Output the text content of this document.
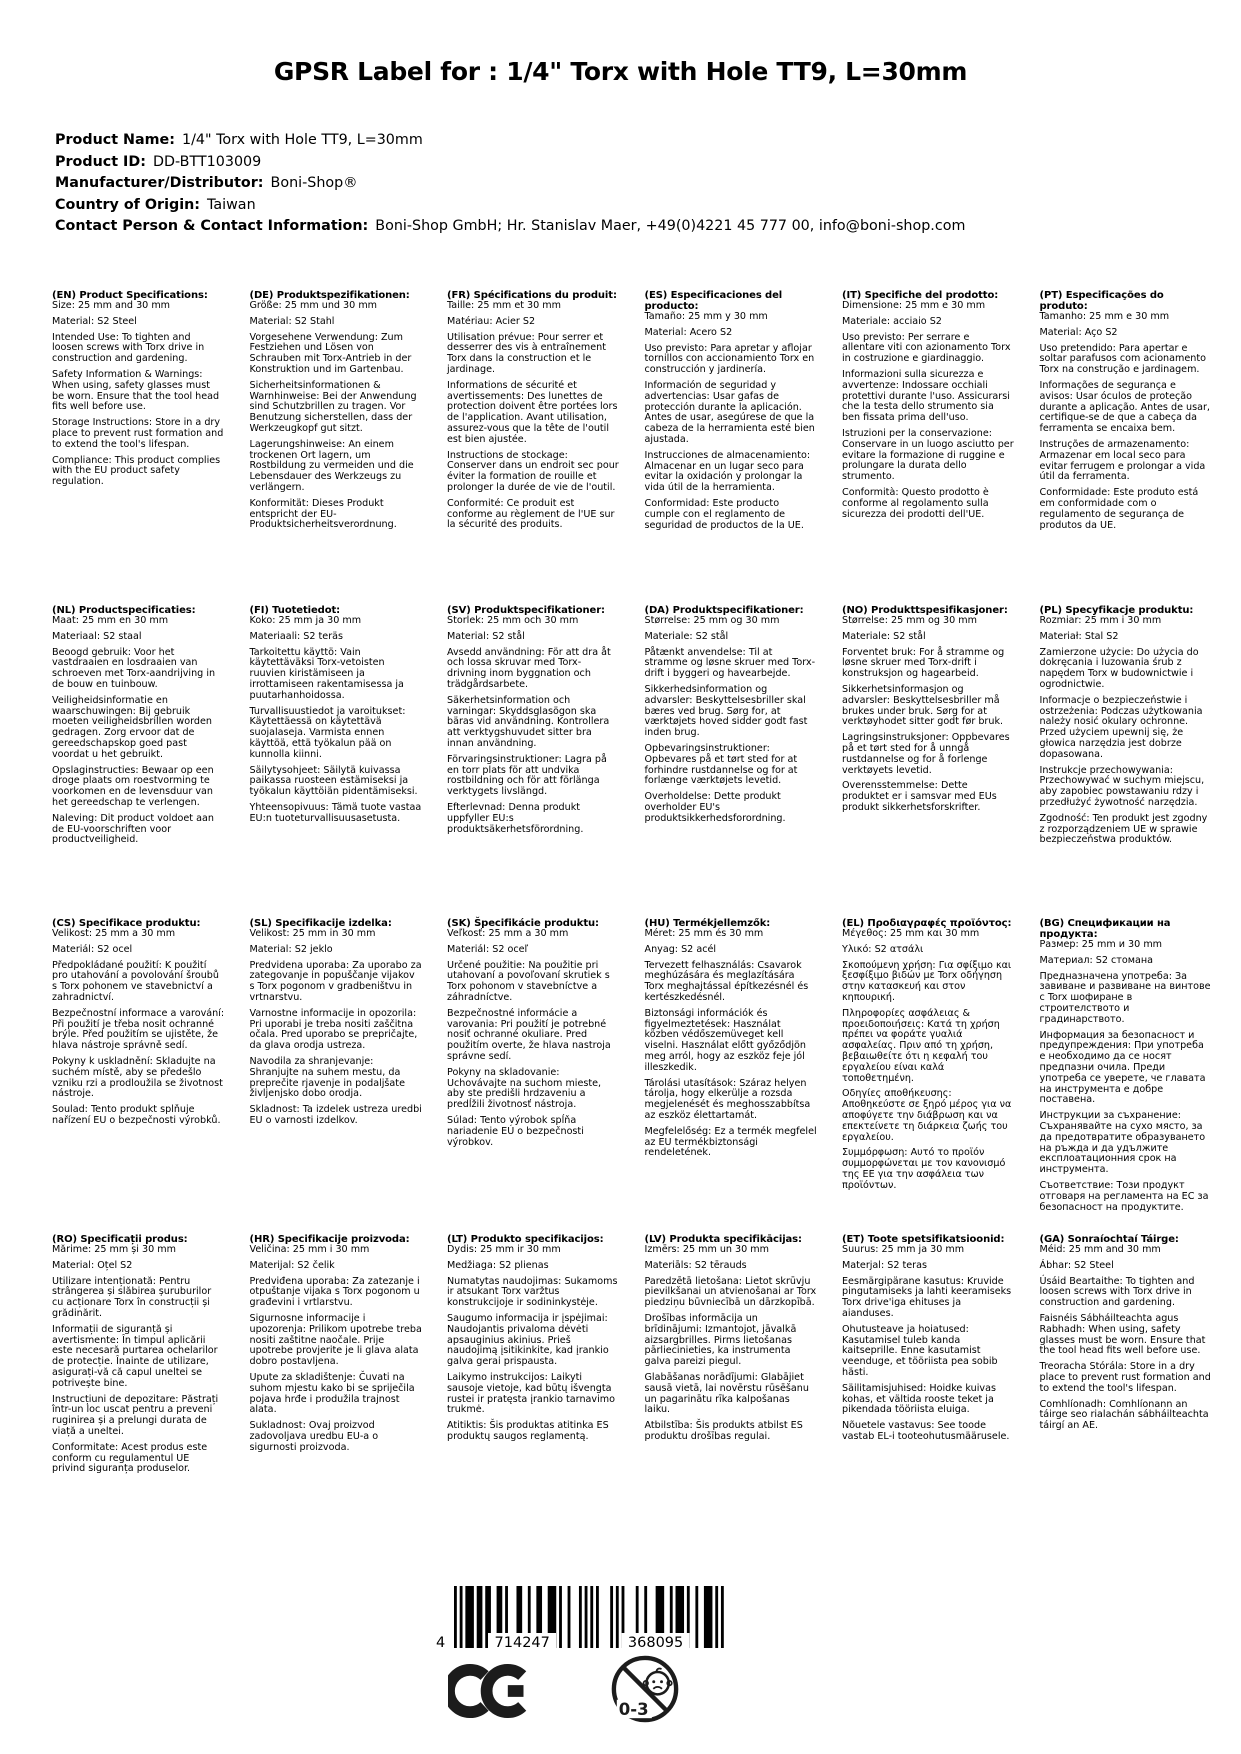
GPSR Label for : 1/4" Torx with Hole TT9, L=30mm
Product Name: 1/4" Torx with Hole TT9, L=30mm
Product ID: DD-BTT103009
Manufacturer/Distributor: Boni-Shop®
Country of Origin: Taiwan
Contact Person & Contact Information: Boni-Shop GmbH; Hr. Stanislav Maer, +49(0)4221 45 777 00, info@boni-shop.com
(EN) Product Specifications:

Size: 25 mm and 30 mm

Material: S2 Steel

Intended Use: To tighten and loosen screws with Torx drive in construction and gardening.

Safety Information & Warnings: When using, safety glasses must be worn. Ensure that the tool head fits well before use.

Storage Instructions: Store in a dry place to prevent rust formation and to extend the tool's lifespan.

Compliance: This product complies with the EU product safety regulation.

(DE) Produktspezifikationen:

Größe: 25 mm und 30 mm

Material: S2 Stahl

Vorgesehene Verwendung: Zum Festziehen und Lösen von Schrauben mit Torx-Antrieb in der Konstruktion und im Gartenbau.

Sicherheitsinformationen & Warnhinweise: Bei der Anwendung sind Schutzbrillen zu tragen. Vor Benutzung sicherstellen, dass der Werkzeugkopf gut sitzt.

Lagerungshinweise: An einem trockenen Ort lagern, um Rostbildung zu vermeiden und die Lebensdauer des Werkzeugs zu verlängern.

Konformität: Dieses Produkt entspricht der EU-Produktsicherheitsverordnung.

(FR) Spécifications du produit:

Taille: 25 mm et 30 mm

Matériau: Acier S2

Utilisation prévue: Pour serrer et desserrer des vis à entraînement Torx dans la construction et le jardinage.

Informations de sécurité et avertissements: Des lunettes de protection doivent être portées lors de l'application. Avant utilisation, assurez-vous que la tête de l'outil est bien ajustée.

Instructions de stockage: Conserver dans un endroit sec pour éviter la formation de rouille et prolonger la durée de vie de l'outil.

Conformité: Ce produit est conforme au règlement de l'UE sur la sécurité des produits.

(ES) Especificaciones del producto:

Tamaño: 25 mm y 30 mm

Material: Acero S2

Uso previsto: Para apretar y aflojar tornillos con accionamiento Torx en construcción y jardinería.

Información de seguridad y advertencias: Usar gafas de protección durante la aplicación. Antes de usar, asegúrese de que la cabeza de la herramienta esté bien ajustada.

Instrucciones de almacenamiento: Almacenar en un lugar seco para evitar la oxidación y prolongar la vida útil de la herramienta.

Conformidad: Este producto cumple con el reglamento de seguridad de productos de la UE.

(IT) Specifiche del prodotto:

Dimensione: 25 mm e 30 mm

Materiale: acciaio S2

Uso previsto: Per serrare e allentare viti con azionamento Torx in costruzione e giardinaggio.

Informazioni sulla sicurezza e avvertenze: Indossare occhiali protettivi durante l'uso. Assicurarsi che la testa dello strumento sia ben fissata prima dell'uso.

Istruzioni per la conservazione: Conservare in un luogo asciutto per evitare la formazione di ruggine e prolungare la durata dello strumento.

Conformità: Questo prodotto è conforme al regolamento sulla sicurezza dei prodotti dell'UE.

(PT) Especificações do produto:

Tamanho: 25 mm e 30 mm

Material: Aço S2

Uso pretendido: Para apertar e soltar parafusos com acionamento Torx na construção e jardinagem.

Informações de segurança e avisos: Usar óculos de proteção durante a aplicação. Antes de usar, certifique-se de que a cabeça da ferramenta se encaixa bem.

Instruções de armazenamento: Armazenar em local seco para evitar ferrugem e prolongar a vida útil da ferramenta.

Conformidade: Este produto está em conformidade com o regulamento de segurança de produtos da UE.

(NL) Productspecificaties:

Maat: 25 mm en 30 mm

Materiaal: S2 staal

Beoogd gebruik: Voor het vastdraaien en losdraaien van schroeven met Torx-aandrijving in de bouw en tuinbouw.

Veiligheidsinformatie en waarschuwingen: Bij gebruik moeten veiligheidsbrillen worden gedragen. Zorg ervoor dat de gereedschapskop goed past voordat u het gebruikt.

Opslaginstructies: Bewaar op een droge plaats om roestvorming te voorkomen en de levensduur van het gereedschap te verlengen.

Naleving: Dit product voldoet aan de EU-voorschriften voor productveiligheid.

(FI) Tuotetiedot:

Koko: 25 mm ja 30 mm

Materiaali: S2 teräs

Tarkoitettu käyttö: Vain käytettäväksi Torx-vetoisten ruuvien kiristämiseen ja irrottamiseen rakentamisessa ja puutarhanhoidossa.

Turvallisuustiedot ja varoitukset: Käytettäessä on käytettävä suojalaseja. Varmista ennen käyttöä, että työkalun pää on kunnolla kiinni.

Säilytysohjeet: Säilytä kuivassa paikassa ruosteen estämiseksi ja työkalun käyttöiän pidentämiseksi.

Yhteensopivuus: Tämä tuote vastaa EU:n tuoteturvallisuusasetusta.

(SV) Produktspecifikationer:

Storlek: 25 mm och 30 mm

Material: S2 stål

Avsedd användning: För att dra åt och lossa skruvar med Torx-drivning inom byggnation och trädgårdsarbete.

Säkerhetsinformation och varningar: Skyddsglasögon ska bäras vid användning. Kontrollera att verktygshuvudet sitter bra innan användning.

Förvaringsinstruktioner: Lagra på en torr plats för att undvika rostbildning och för att förlänga verktygets livslängd.

Efterlevnad: Denna produkt uppfyller EU:s produktsäkerhetsförordning.

(DA) Produktspecifikationer:

Størrelse: 25 mm og 30 mm

Materiale: S2 stål

Påtænkt anvendelse: Til at stramme og løsne skruer med Torx-drift i byggeri og havearbejde.

Sikkerhedsinformation og advarsler: Beskyttelsesbriller skal bæres ved brug. Sørg for, at værktøjets hoved sidder godt fast inden brug.

Opbevaringsinstruktioner: Opbevares på et tørt sted for at forhindre rustdannelse og for at forlænge værktøjets levetid.

Overholdelse: Dette produkt overholder EU's produktsikkerhedsforordning.

(NO) Produkttspesifikasjoner:

Størrelse: 25 mm og 30 mm

Materiale: S2 stål

Forventet bruk: For å stramme og løsne skruer med Torx-drift i konstruksjon og hagearbeid.

Sikkerhetsinformasjon og advarsler: Beskyttelsesbriller må brukes under bruk. Sørg for at verktøyhodet sitter godt før bruk.

Lagringsinstruksjoner: Oppbevares på et tørt sted for å unngå rustdannelse og for å forlenge verktøyets levetid.

Overensstemmelse: Dette produktet er i samsvar med EUs produkt sikkerhetsforskrifter.

(PL) Specyfikacje produktu:

Rozmiar: 25 mm i 30 mm

Materiał: Stal S2

Zamierzone użycie: Do użycia do dokręcania i luzowania śrub z napędem Torx w budownictwie i ogrodnictwie.

Informacje o bezpieczeństwie i ostrzeżenia: Podczas użytkowania należy nosić okulary ochronne. Przed użyciem upewnij się, że głowica narzędzia jest dobrze dopasowana.

Instrukcje przechowywania: Przechowywać w suchym miejscu, aby zapobiec powstawaniu rdzy i przedłużyć żywotność narzędzia.

Zgodność: Ten produkt jest zgodny z rozporządzeniem UE w sprawie bezpieczeństwa produktów.

(CS) Specifikace produktu:

Velikost: 25 mm a 30 mm

Materiál: S2 ocel

Předpokládané použití: K použití pro utahování a povolování šroubů s Torx pohonem ve stavebnictví a zahradnictví.

Bezpečnostní informace a varování: Při použití je třeba nosit ochranné brýle. Před použitím se ujistěte, že hlava nástroje správně sedí.

Pokyny k uskladnění: Skladujte na suchém místě, aby se předešlo vzniku rzi a prodloužila se životnost nástroje.

Soulad: Tento produkt splňuje nařízení EU o bezpečnosti výrobků.

(SL) Specifikacije izdelka:

Velikost: 25 mm in 30 mm

Material: S2 jeklo

Predvidena uporaba: Za uporabo za zategovanje in popuščanje vijakov s Torx pogonom v gradbeništvu in vrtnarstvu.

Varnostne informacije in opozorila: Pri uporabi je treba nositi zaščitna očala. Pred uporabo se prepričajte, da glava orodja ustreza.

Navodila za shranjevanje: Shranjujte na suhem mestu, da preprečite rjavenje in podaljšate življenjsko dobo orodja.

Skladnost: Ta izdelek ustreza uredbi EU o varnosti izdelkov.

(SK) Špecifikácie produktu:

Veľkosť: 25 mm a 30 mm

Materiál: S2 oceľ

Určené použitie: Na použitie pri utahovaní a povoľovaní skrutiek s Torx pohonom v stavebníctve a záhradníctve.

Bezpečnostné informácie a varovania: Pri použití je potrebné nosiť ochranné okuliare. Pred použitím overte, že hlava nastroja správne sedí.

Pokyny na skladovanie: Uchovávajte na suchom mieste, aby ste predišli hrdzaveniu a predĺžili životnosť nástroja.

Súlad: Tento výrobok spĺňa nariadenie EÚ o bezpečnosti výrobkov.

(HU) Termékjellemzők:

Méret: 25 mm és 30 mm

Anyag: S2 acél

Tervezett felhasználás: Csavarok meghúzására és meglazítására Torx meghajtással építkezésnél és kertészkedésnél.

Biztonsági információk és figyelmeztetések: Használat közben védőszemüveget kell viselni. Használat előtt győződjön meg arról, hogy az eszköz feje jól illeszkedik.

Tárolási utasítások: Száraz helyen tárolja, hogy elkerülje a rozsda megjelenését és meghosszabbítsa az eszköz élettartamát.

Megfelelőség: Ez a termék megfelel az EU termékbiztonsági rendeletének.

(EL) Προδιαγραφές προϊόντος:

Μέγεθος: 25 mm και 30 mm

Υλικό: S2 ατσάλι

Σκοπούμενη χρήση: Για σφίξιμο και ξεσφίξιμο βιδών με Torx οδήγηση στην κατασκευή και στον κηπουρική.

Πληροφορίες ασφάλειας & προειδοποιήσεις: Κατά τη χρήση πρέπει να φοράτε γυαλιά ασφαλείας. Πριν από τη χρήση, βεβαιωθείτε ότι η κεφαλή του εργαλείου είναι καλά τοποθετημένη.

Οδηγίες αποθήκευσης: Αποθηκεύστε σε ξηρό μέρος για να αποφύγετε την διάβρωση και να επεκτείνετε τη διάρκεια ζωής του εργαλείου.

Συμμόρφωση: Αυτό το προϊόν συμμορφώνεται με τον κανονισμό της ΕΕ για την ασφάλεια των προϊόντων.

(BG) Спецификации на продукта:

Размер: 25 mm и 30 mm

Материал: S2 стомана

Предназначена употреба: За завиване и развиване на винтове с Torx шофиране в строителството и градинарството.

Информация за безопасност и предупреждения: При употреба е необходимо да се носят предпазни очила. Преди употреба се уверете, че главата на инструмента е добре поставена.

Инструкции за съхранение: Съхранявайте на сухо място, за да предотвратите образуването на ръжда и да удължите експлоатационния срок на инструмента.

Съответствие: Този продукт отговаря на регламента на ЕС за безопасност на продуктите.

(RO) Specificații produs:

Mărime: 25 mm și 30 mm

Material: Oțel S2

Utilizare intenționată: Pentru strângerea și slăbirea șuruburilor cu acționare Torx în construcții și grădinărit.

Informații de siguranță și avertismente: În timpul aplicării este necesară purtarea ochelarilor de protecție. Înainte de utilizare, asigurați-vă că capul uneltei se potrivește bine.

Instrucțiuni de depozitare: Păstrați într-un loc uscat pentru a preveni ruginirea și a prelungi durata de viață a uneltei.

Conformitate: Acest produs este conform cu regulamentul UE privind siguranța produselor.

(HR) Specifikacije proizvoda:

Veličina: 25 mm i 30 mm

Materijal: S2 čelik

Predviđena uporaba: Za zatezanje i otpuštanje vijaka s Torx pogonom u građevini i vrtlarstvu.

Sigurnosne informacije i upozorenja: Prilikom upotrebe treba nositi zaštitne naočale. Prije upotrebe provjerite je li glava alata dobro postavljena.

Upute za skladištenje: Čuvati na suhom mjestu kako bi se spriječila pojava hrđe i produžila trajnost alata.

Sukladnost: Ovaj proizvod zadovoljava uredbu EU-a o sigurnosti proizvoda.

(LT) Produkto specifikacijos:

Dydis: 25 mm ir 30 mm

Medžiaga: S2 plienas

Numatytas naudojimas: Sukamoms ir atsukant Torx varžtus konstrukcijoje ir sodininkystėje.

Saugumo informacija ir įspėjimai: Naudojantis privaloma dėvėti apsauginius akinius. Prieš naudojimą įsitikinkite, kad įrankio galva gerai prispausta.

Laikymo instrukcijos: Laikyti sausoje vietoje, kad būtų išvengta rustei ir pratęsta įrankio tarnavimo trukmė.

Atitiktis: Šis produktas atitinka ES produktų saugos reglamentą.

(LV) Produkta specifikācijas:

Izmērs: 25 mm un 30 mm

Materiāls: S2 tērauds

Paredzētā lietošana: Lietot skrūvju pievilkšanai un atvienošanai ar Torx piedziņu būvniecībā un dārzkopībā.

Drošības informācija un brīdinājumi: Izmantojot, jāvalkā aizsargbrilles. Pirms lietošanas pārliecinieties, ka instrumenta galva pareizi piegul.

Glabāšanas norādījumi: Glabājiet sausā vietā, lai novērstu rūsēšanu un pagarinātu rīka kalpošanas laiku.

Atbilstība: Šis produkts atbilst ES produktu drošības regulai.

(ET) Toote spetsifikatsioonid:

Suurus: 25 mm ja 30 mm

Materjal: S2 teras

Eesmärgipärane kasutus: Kruvide pingutamiseks ja lahti keeramiseks Torx drive'iga ehituses ja aianduses.

Ohutusteave ja hoiatused: Kasutamisel tuleb kanda kaitseprille. Enne kasutamist veenduge, et tööriista pea sobib hästi.

Säilitamisjuhised: Hoidke kuivas kohas, et vältida rooste teket ja pikendada tööriista eluiga.

Nõuetele vastavus: See toode vastab EL-i tooteohutusmäärusele.

(GA) Sonraíochtaí Táirge:

Méid: 25 mm and 30 mm

Ábhar: S2 Steel

Úsáid Beartaithe: To tighten and loosen screws with Torx drive in construction and gardening.

Faisnéis Sábháilteachta agus Rabhadh: When using, safety glasses must be worn. Ensure that the tool head fits well before use.

Treoracha Stórála: Store in a dry place to prevent rust formation and to extend the tool's lifespan.

Comhlíonadh: Comhlíonann an táirge seo rialachán sábháilteachta táirgí an AE.

4	714247	368095
0-3
